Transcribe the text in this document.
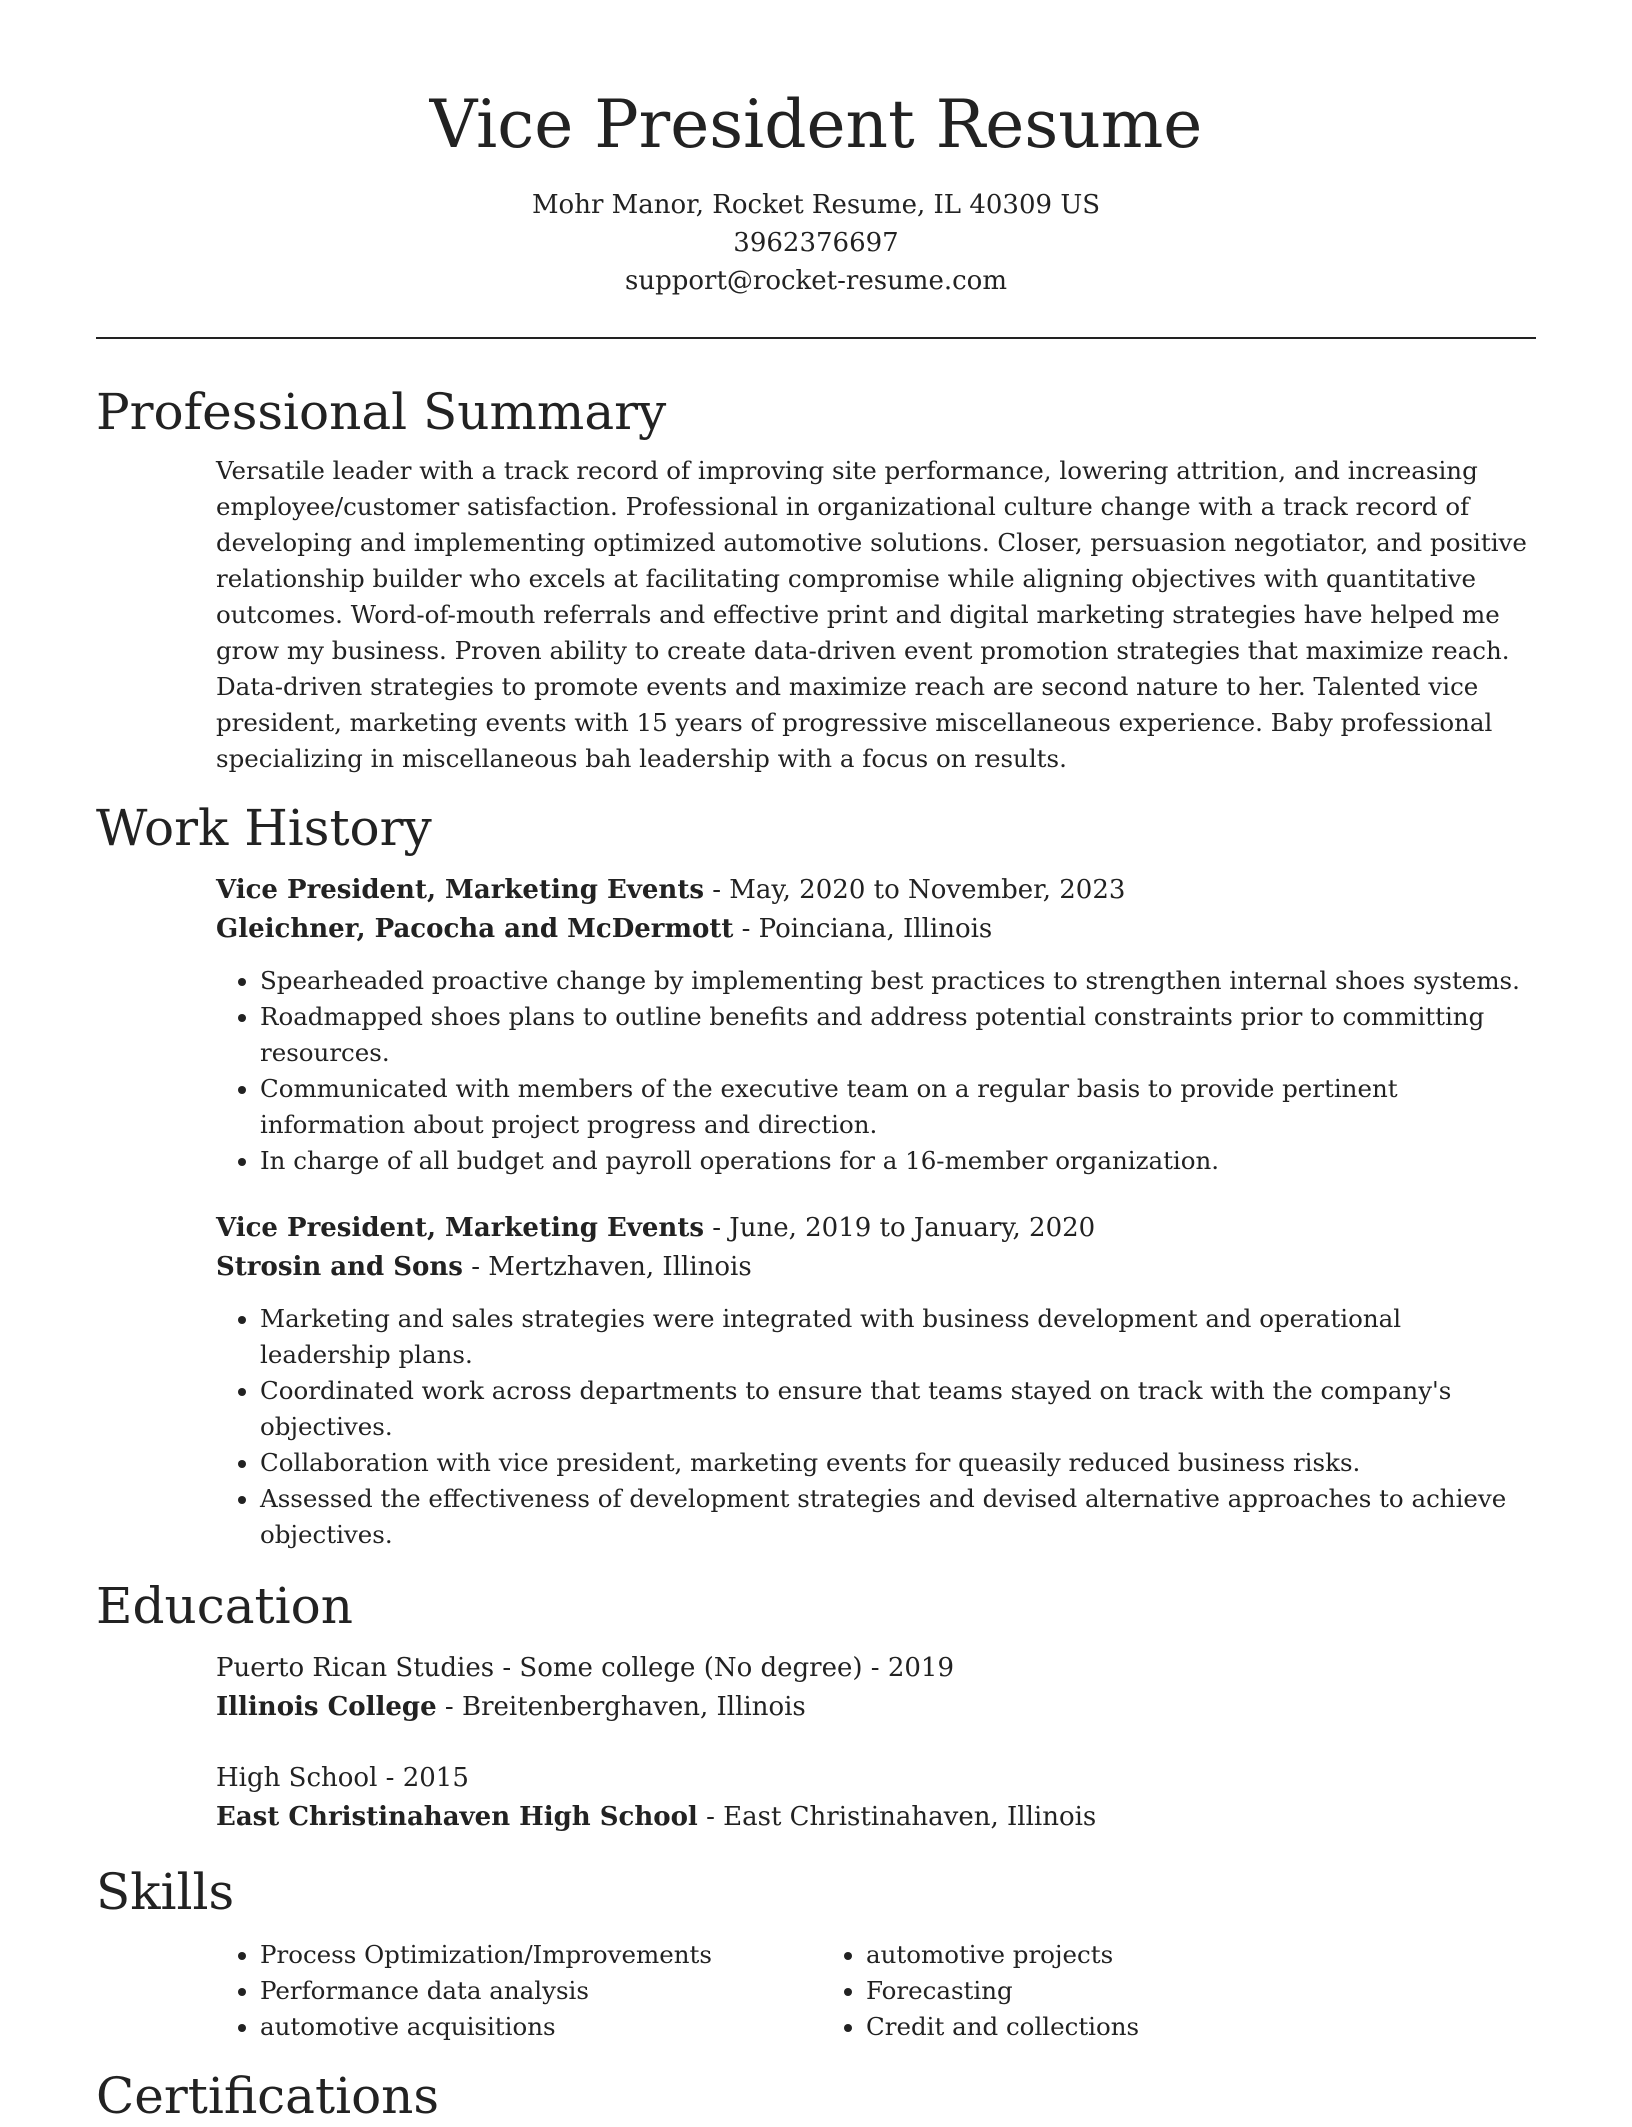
Vice President Resume
Mohr Manor, Rocket Resume, IL 40309 US
3962376697
support@rocket-resume.com
Professional Summary
Versatile leader with a track record of improving site performance, lowering attrition, and increasing employee/customer satisfaction. Professional in organizational culture change with a track record of developing and implementing optimized automotive solutions. Closer, persuasion negotiator, and positive relationship builder who excels at facilitating compromise while aligning objectives with quantitative outcomes. Word-of-mouth referrals and effective print and digital marketing strategies have helped me grow my business. Proven ability to create data-driven event promotion strategies that maximize reach. Data-driven strategies to promote events and maximize reach are second nature to her. Talented vice president, marketing events with 15 years of progressive miscellaneous experience. Baby professional specializing in miscellaneous bah leadership with a focus on results.
Work History
Vice President, Marketing Events - May, 2020 to November, 2023
Gleichner, Pacocha and McDermott - Poinciana, Illinois
• Spearheaded proactive change by implementing best practices to strengthen internal shoes systems.
• Roadmapped shoes plans to outline benefits and address potential constraints prior to committing resources.
• Communicated with members of the executive team on a regular basis to provide pertinent information about project progress and direction.
• In charge of all budget and payroll operations for a 16-member organization.
Vice President, Marketing Events - June, 2019 to January, 2020
Strosin and Sons - Mertzhaven, Illinois
• Marketing and sales strategies were integrated with business development and operational leadership plans.
• Coordinated work across departments to ensure that teams stayed on track with the company's objectives.
• Collaboration with vice president, marketing events for queasily reduced business risks.
• Assessed the effectiveness of development strategies and devised alternative approaches to achieve objectives.
Education
Puerto Rican Studies - Some college (No degree) - 2019
Illinois College - Breitenberghaven, Illinois
High School - 2015
East Christinahaven High School - East Christinahaven, Illinois
Skills
• Process Optimization/Improvements
• Performance data analysis
• automotive acquisitions
• automotive projects
• Forecasting
• Credit and collections
Certifications
